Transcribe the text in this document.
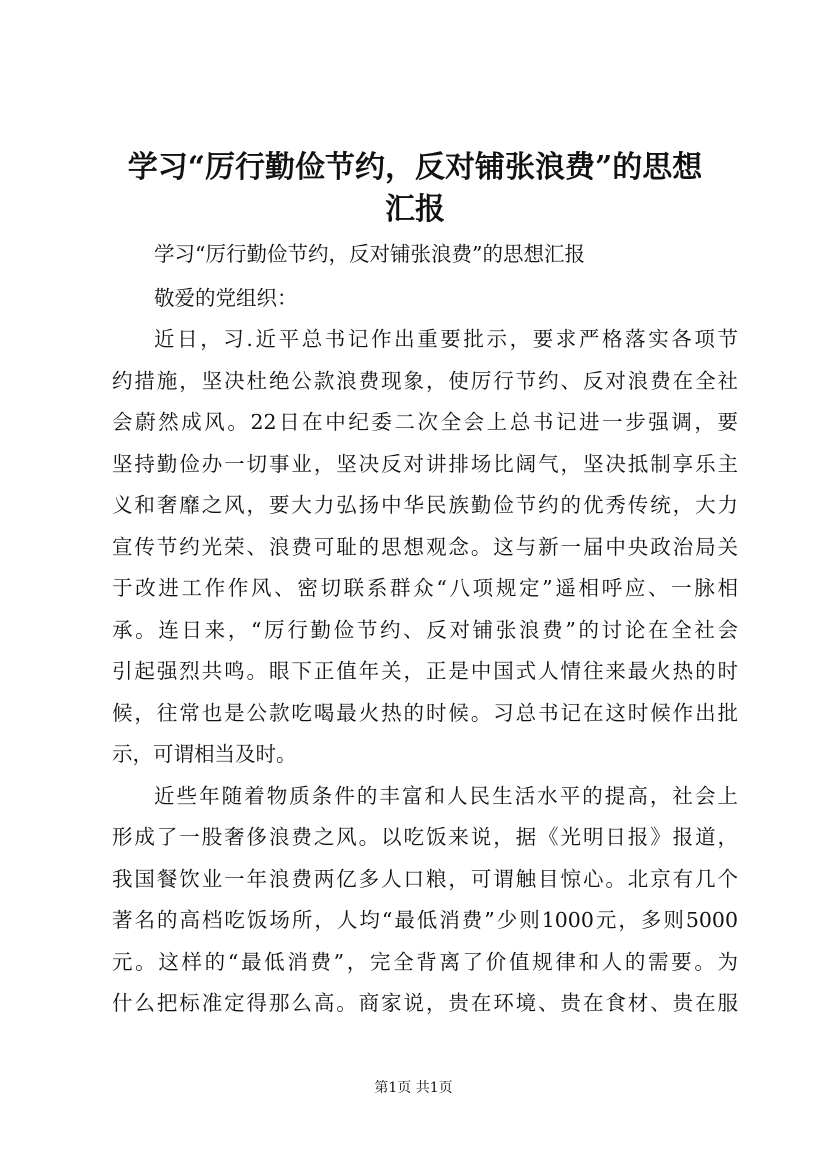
学习“厉行勤俭节约，反对铺张浪费”的思想
汇报
学习“厉行勤俭节约，反对铺张浪费”的思想汇报
敬爱的党组织：
近日，习.近平总书记作出重要批示，要求严格落实各项节
约措施，坚决杜绝公款浪费现象，使厉行节约、反对浪费在全社
会蔚然成风。22日在中纪委二次全会上总书记进一步强调，要
坚持勤俭办一切事业，坚决反对讲排场比阔气，坚决抵制享乐主
义和奢靡之风，要大力弘扬中华民族勤俭节约的优秀传统，大力
宣传节约光荣、浪费可耻的思想观念。这与新一届中央政治局关
于改进工作作风、密切联系群众“八项规定”遥相呼应、一脉相
承。连日来，“厉行勤俭节约、反对铺张浪费”的讨论在全社会
引起强烈共鸣。眼下正值年关，正是中国式人情往来最火热的时
候，往常也是公款吃喝最火热的时候。习总书记在这时候作出批
示，可谓相当及时。
近些年随着物质条件的丰富和人民生活水平的提高，社会上
形成了一股奢侈浪费之风。以吃饭来说，据《光明日报》报道，
我国餐饮业一年浪费两亿多人口粮，可谓触目惊心。北京有几个
著名的高档吃饭场所，人均“最低消费”少则1000元，多则5000
元。这样的“最低消费”，完全背离了价值规律和人的需要。为
什么把标准定得那么高。商家说，贵在环境、贵在食材、贵在服
第1页 共1页
